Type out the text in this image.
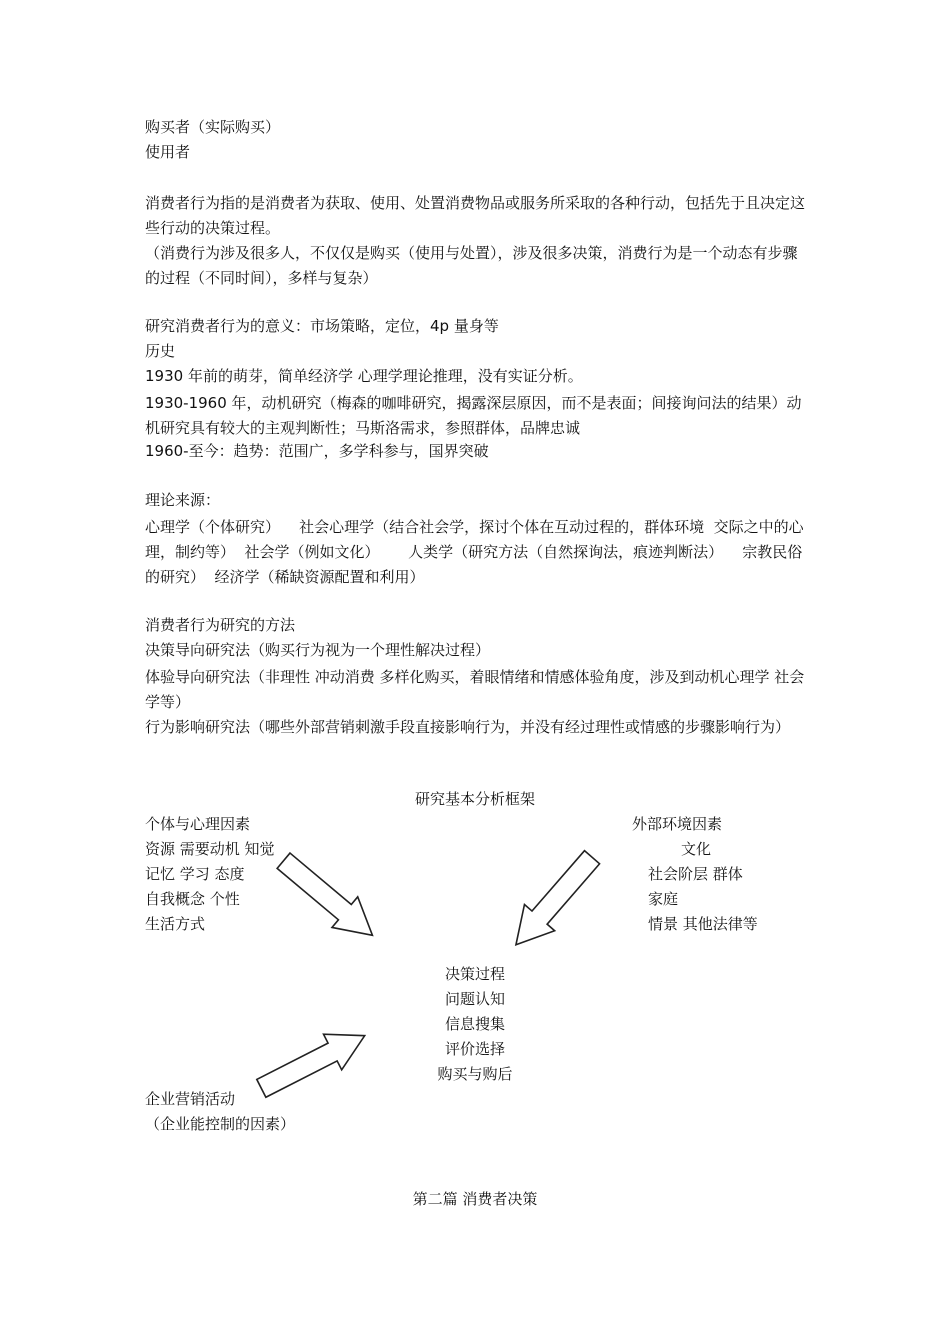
购买者（实际购买）
使用者
消费者行为指的是消费者为获取、使用、处置消费物品或服务所采取的各种行动，包括先于且决定这些行动的决策过程。
（消费行为涉及很多人，不仅仅是购买（使用与处置），涉及很多决策，消费行为是一个动态有步骤的过程（不同时间），多样与复杂）
研究消费者行为的意义：市场策略，定位，4p 量身等
历史
1930 年前的萌芽，简单经济学 心理学理论推理，没有实证分析。
1930-1960 年，动机研究（梅森的咖啡研究，揭露深层原因，而不是表面；间接询问法的结果）动机研究具有较大的主观判断性；马斯洛需求，参照群体，品牌忠诚
1960-至今：趋势：范围广，多学科参与，国界突破
理论来源：
心理学（个体研究）    社会心理学（结合社会学，探讨个体在互动过程的，群体环境  交际之中的心理，制约等）  社会学（例如文化）      人类学（研究方法（自然探询法，痕迹判断法）    宗教民俗的研究）  经济学（稀缺资源配置和利用）
消费者行为研究的方法
决策导向研究法（购买行为视为一个理性解决过程）
体验导向研究法（非理性 冲动消费 多样化购买，着眼情绪和情感体验角度，涉及到动机心理学 社会学等）
行为影响研究法（哪些外部营销刺激手段直接影响行为，并没有经过理性或情感的步骤影响行为）
研究基本分析框架
个体与心理因素
资源 需要动机 知觉
记忆 学习 态度
自我概念 个性
生活方式
外部环境因素
文化
社会阶层 群体
家庭
情景 其他法律等
决策过程
问题认知
信息搜集
评价选择
购买与购后
企业营销活动
（企业能控制的因素）
第二篇 消费者决策
